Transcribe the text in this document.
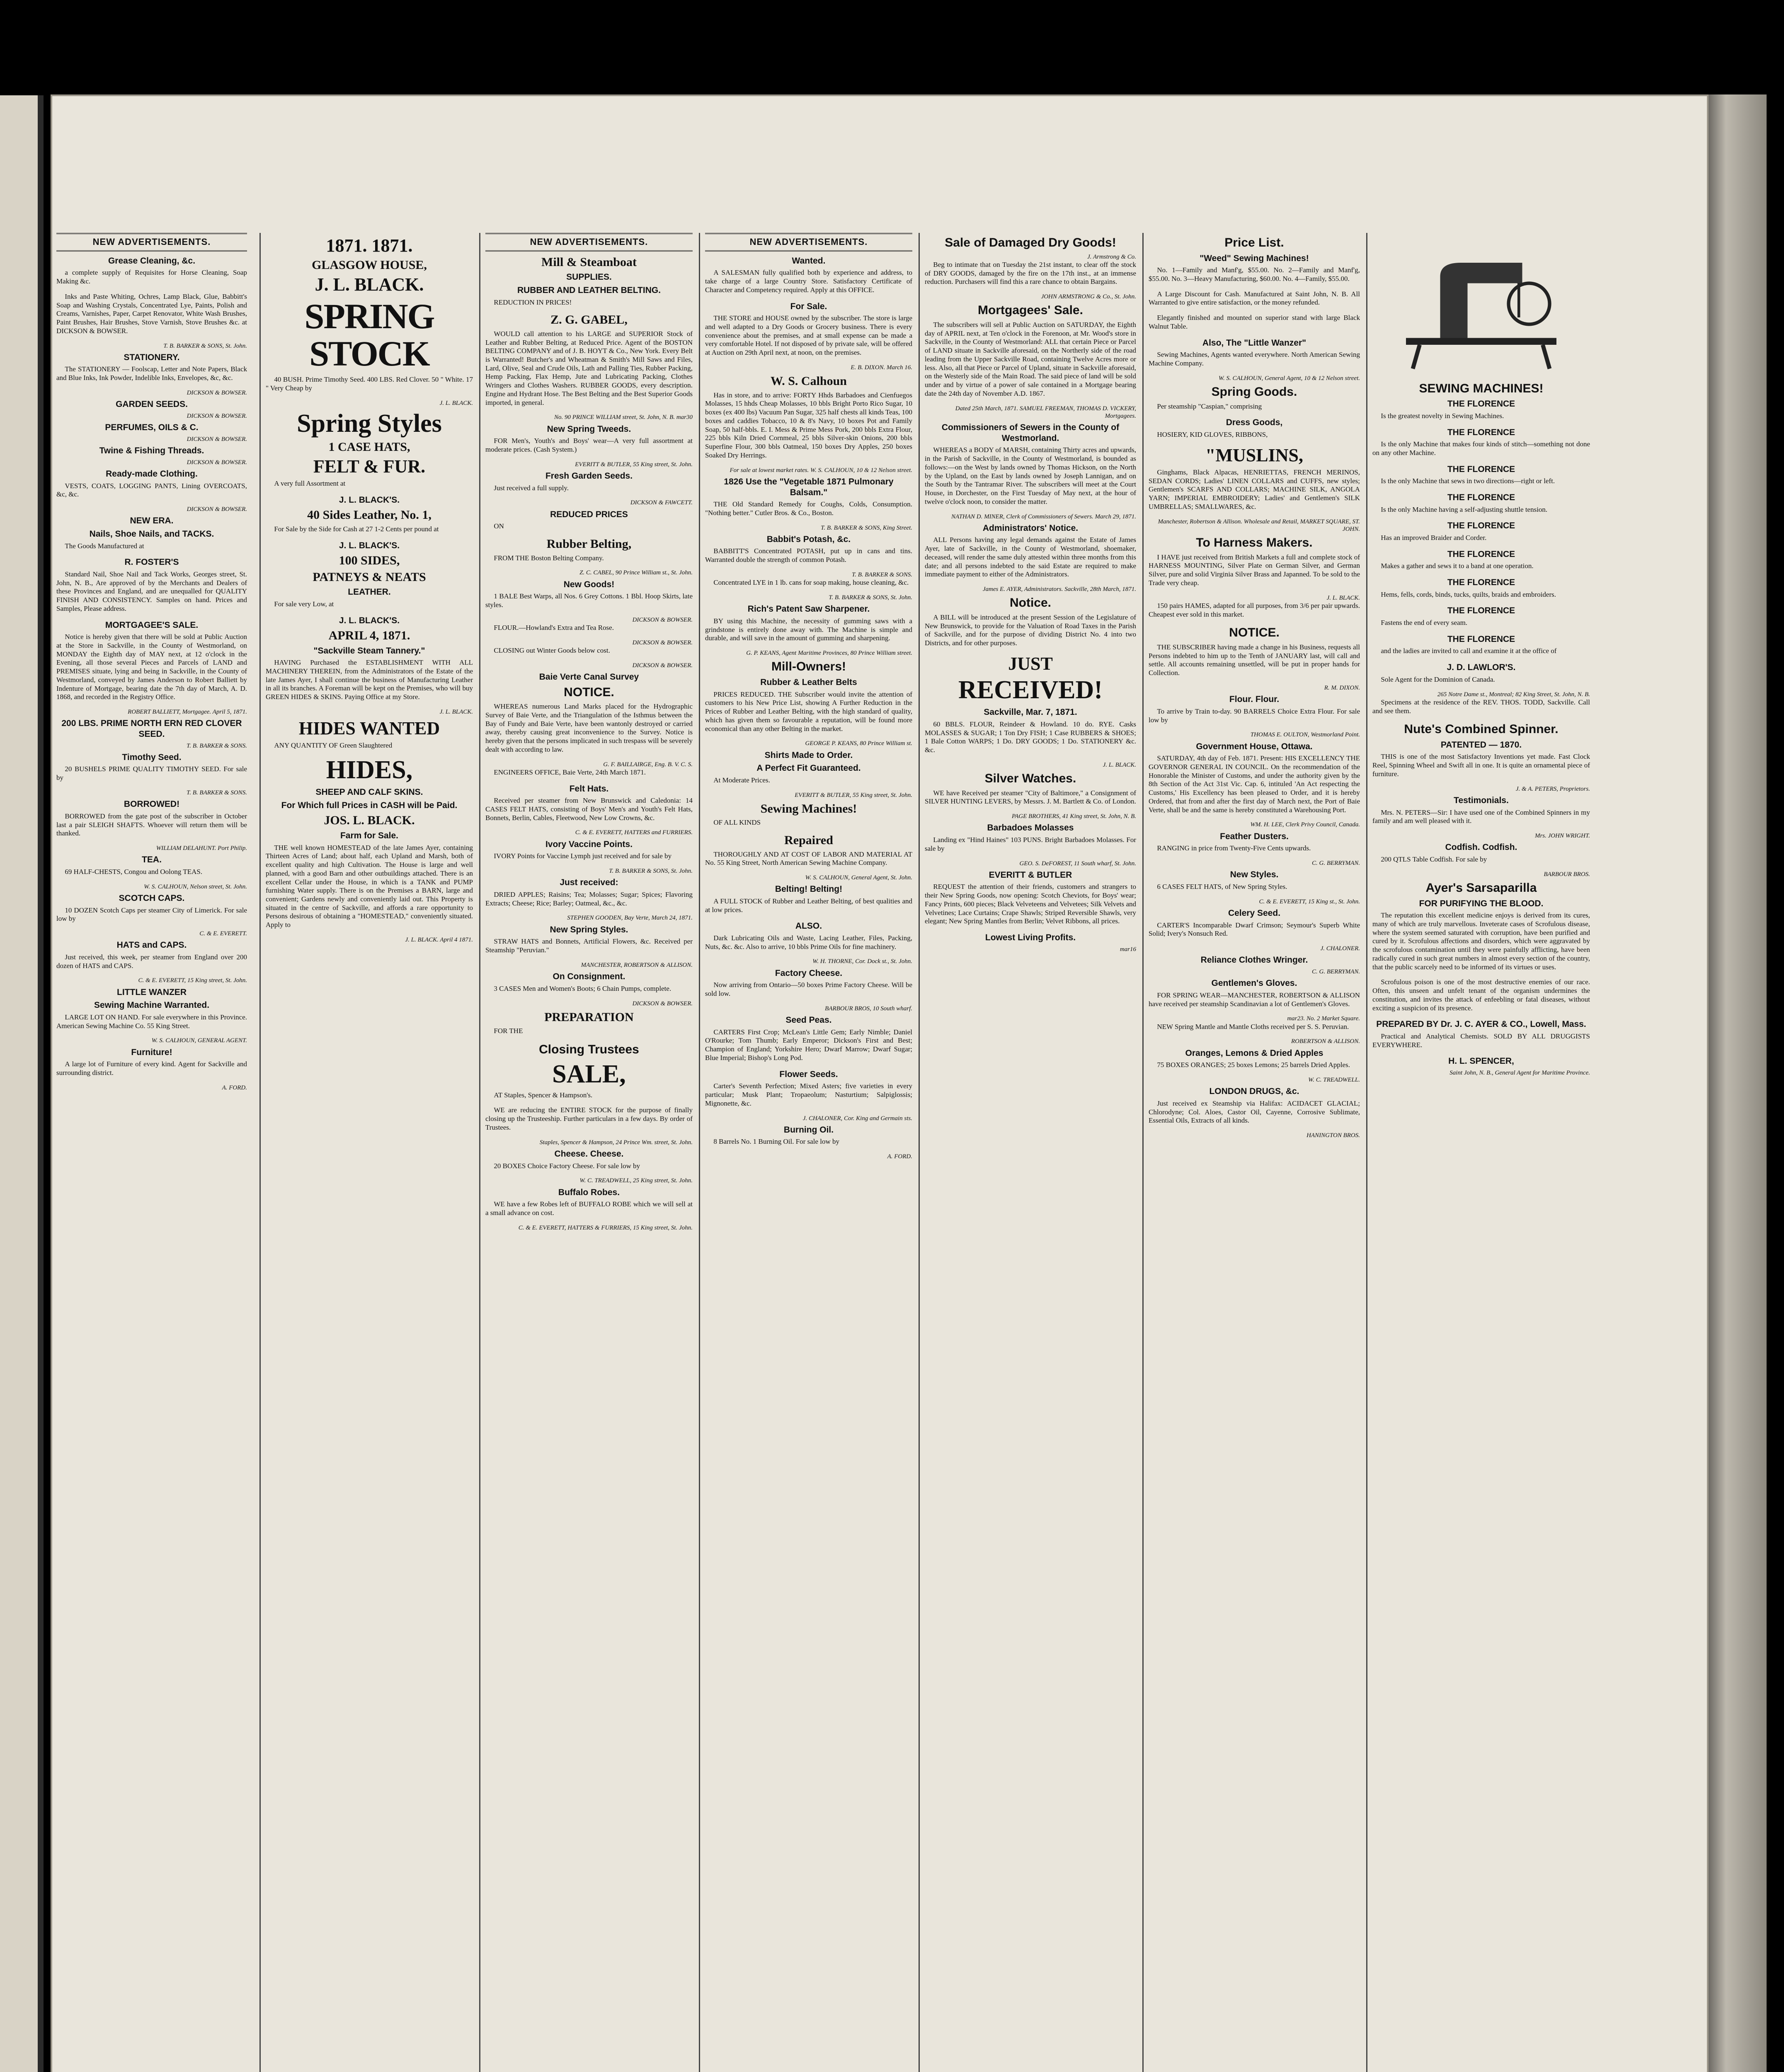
NEW ADVERTISEMENTS.
Grease Cleaning, &c.

a complete supply of Requisites for Horse Cleaning, Soap Making &c.

Inks and Paste Whiting, Ochres, Lamp Black, Glue, Babbitt's Soap and Washing Crystals, Concentrated Lye, Paints, Polish and Creams, Varnishes, Paper, Carpet Renovator, White Wash Brushes, Paint Brushes, Hair Brushes, Stove Varnish, Stove Brushes &c. at DICKSON & BOWSER.

T. B. BARKER & SONS, St. John.
STATIONERY.

The STATIONERY — Foolscap, Letter and Note Papers, Black and Blue Inks, Ink Powder, Indelible Inks, Envelopes, &c, &c.

DICKSON & BOWSER.
GARDEN SEEDS.
DICKSON & BOWSER.
PERFUMES, OILS & C.
DICKSON & BOWSER.
Twine & Fishing Threads.
DICKSON & BOWSER.
Ready-made Clothing.

VESTS, COATS, LOGGING PANTS, Lining OVERCOATS, &c, &c.

DICKSON & BOWSER.
NEW ERA.
Nails, Shoe Nails, and TACKS.

The Goods Manufactured at

R. FOSTER'S

Standard Nail, Shoe Nail and Tack Works, Georges street, St. John, N. B., Are approved of by the Merchants and Dealers of these Provinces and England, and are unequalled for QUALITY FINISH AND CONSISTENCY. Samples on hand. Prices and Samples, Please address.

MORTGAGEE'S SALE.

Notice is hereby given that there will be sold at Public Auction at the Store in Sackville, in the County of Westmorland, on MONDAY the Eighth day of MAY next, at 12 o'clock in the Evening, all those several Pieces and Parcels of LAND and PREMISES situate, lying and being in Sackville, in the County of Westmorland, conveyed by James Anderson to Robert Balliett by Indenture of Mortgage, bearing date the 7th day of March, A. D. 1868, and recorded in the Registry Office.

ROBERT BALLIETT, Mortgagee. April 5, 1871.
200 LBS. PRIME NORTH ERN RED CLOVER SEED.
T. B. BARKER & SONS.
Timothy Seed.

20 BUSHELS PRIME QUALITY TIMOTHY SEED. For sale by

T. B. BARKER & SONS.
BORROWED!

BORROWED from the gate post of the subscriber in October last a pair SLEIGH SHAFTS. Whoever will return them will be thanked.

WILLIAM DELAHUNT. Port Philip.
TEA.

69 HALF-CHESTS, Congou and Oolong TEAS.

W. S. CALHOUN, Nelson street, St. John.
SCOTCH CAPS.

10 DOZEN Scotch Caps per steamer City of Limerick. For sale low by

C. & E. EVERETT.
HATS and CAPS.

Just received, this week, per steamer from England over 200 dozen of HATS and CAPS.

C. & E. EVERETT, 15 King street, St. John.
LITTLE WANZER
Sewing Machine Warranted.

LARGE LOT ON HAND. For sale everywhere in this Province. American Sewing Machine Co. 55 King Street.

W. S. CALHOUN, GENERAL AGENT.
Furniture!

A large lot of Furniture of every kind. Agent for Sackville and surrounding district.

A. FORD.
1871. 1871.
GLASGOW HOUSE,
J. L. BLACK.
SPRING STOCK

40 BUSH. Prime Timothy Seed. 400 LBS. Red Clover. 50 " White. 17 " Very Cheap by

J. L. BLACK.
Spring Styles
1 CASE HATS,
FELT & FUR.

A very full Assortment at

J. L. BLACK'S.
40 Sides Leather, No. 1,

For Sale by the Side for Cash at 27 1-2 Cents per pound at

J. L. BLACK'S.
100 SIDES,
PATNEYS & NEATS
LEATHER.

For sale very Low, at

J. L. BLACK'S.
APRIL 4, 1871.
"Sackville Steam Tannery."

HAVING Purchased the ESTABLISHMENT WITH ALL MACHINERY THEREIN, from the Administrators of the Estate of the late James Ayer, I shall continue the business of Manufacturing Leather in all its branches. A Foreman will be kept on the Premises, who will buy GREEN HIDES & SKINS. Paying Office at my Store.

J. L. BLACK.
HIDES WANTED

ANY QUANTITY OF Green Slaughtered

HIDES,
SHEEP AND CALF SKINS.
For Which full Prices in CASH will be Paid.
JOS. L. BLACK.
Farm for Sale.

THE well known HOMESTEAD of the late James Ayer, containing Thirteen Acres of Land; about half, each Upland and Marsh, both of excellent quality and high Cultivation. The House is large and well planned, with a good Barn and other outbuildings attached. There is an excellent Cellar under the House, in which is a TANK and PUMP furnishing Water supply. There is on the Premises a BARN, large and convenient; Gardens newly and conveniently laid out. This Property is situated in the centre of Sackville, and affords a rare opportunity to Persons desirous of obtaining a "HOMESTEAD," conveniently situated. Apply to

J. L. BLACK. April 4 1871.
NEW ADVERTISEMENTS.
Mill & Steamboat
SUPPLIES.
RUBBER AND LEATHER BELTING.

REDUCTION IN PRICES!

Z. G. GABEL,

WOULD call attention to his LARGE and SUPERIOR Stock of Leather and Rubber Belting, at Reduced Price. Agent of the BOSTON BELTING COMPANY and of J. B. HOYT & Co., New York. Every Belt is Warranted! Butcher's and Wheatman & Smith's Mill Saws and Files, Lard, Olive, Seal and Crude Oils, Lath and Palling Ties, Rubber Packing, Hemp Packing, Flax Hemp, Jute and Lubricating Packing, Clothes Wringers and Clothes Washers. RUBBER GOODS, every description. Engine and Hydrant Hose. The Best Belting and the Best Superior Goods imported, in general.

No. 90 PRINCE WILLIAM street, St. John, N. B. mar30
New Spring Tweeds.

FOR Men's, Youth's and Boys' wear—A very full assortment at moderate prices. (Cash System.)

EVERITT & BUTLER, 55 King street, St. John.
Fresh Garden Seeds.

Just received a full supply.

DICKSON & FAWCETT.
REDUCED PRICES

ON

Rubber Belting,

FROM THE Boston Belting Company.

Z. C. CABEL, 90 Prince William st., St. John.
New Goods!

1 BALE Best Warps, all Nos. 6 Grey Cottons. 1 Bbl. Hoop Skirts, late styles.

DICKSON & BOWSER.

FLOUR.—Howland's Extra and Tea Rose.

DICKSON & BOWSER.

CLOSING out Winter Goods below cost.

DICKSON & BOWSER.
Baie Verte Canal Survey
NOTICE.

WHEREAS numerous Land Marks placed for the Hydrographic Survey of Baie Verte, and the Triangulation of the Isthmus between the Bay of Fundy and Baie Verte, have been wantonly destroyed or carried away, thereby causing great inconvenience to the Survey. Notice is hereby given that the persons implicated in such trespass will be severely dealt with according to law.

G. F. BAILLAIRGE, Eng. B. V. C. S.

ENGINEERS OFFICE, Baie Verte, 24th March 1871.

Felt Hats.

Received per steamer from New Brunswick and Caledonia: 14 CASES FELT HATS, consisting of Boys' Men's and Youth's Felt Hats, Bonnets, Berlin, Cables, Fleetwood, New Low Crowns, &c.

C. & E. EVERETT, HATTERS and FURRIERS.
Ivory Vaccine Points.

IVORY Points for Vaccine Lymph just received and for sale by

T. B. BARKER & SONS, St. John.
Just received:

DRIED APPLES; Raisins; Tea; Molasses; Sugar; Spices; Flavoring Extracts; Cheese; Rice; Barley; Oatmeal, &c., &c.

STEPHEN GOODEN, Bay Verte, March 24, 1871.
New Spring Styles.

STRAW HATS and Bonnets, Artificial Flowers, &c. Received per Steamship "Peruvian."

MANCHESTER, ROBERTSON & ALLISON.
On Consignment.

3 CASES Men and Women's Boots; 6 Chain Pumps, complete.

DICKSON & BOWSER.
PREPARATION

FOR THE

Closing Trustees
SALE,

AT Staples, Spencer & Hampson's.

WE are reducing the ENTIRE STOCK for the purpose of finally closing up the Trusteeship. Further particulars in a few days. By order of Trustees.

Staples, Spencer & Hampson, 24 Prince Wm. street, St. John.
Cheese. Cheese.

20 BOXES Choice Factory Cheese. For sale low by

W. C. TREADWELL, 25 King street, St. John.
Buffalo Robes.

WE have a few Robes left of BUFFALO ROBE which we will sell at a small advance on cost.

C. & E. EVERETT, HATTERS & FURRIERS, 15 King street, St. John.
NEW ADVERTISEMENTS.
Wanted.

A SALESMAN fully qualified both by experience and address, to take charge of a large Country Store. Satisfactory Certificate of Character and Competency required. Apply at this OFFICE.

For Sale.

THE STORE and HOUSE owned by the subscriber. The store is large and well adapted to a Dry Goods or Grocery business. There is every convenience about the premises, and at small expense can be made a very comfortable Hotel. If not disposed of by private sale, will be offered at Auction on 29th April next, at noon, on the premises.

E. B. DIXON. March 16.
W. S. Calhoun

Has in store, and to arrive: FORTY Hhds Barbadoes and Cienfuegos Molasses, 15 hhds Cheap Molasses, 10 bbls Bright Porto Rico Sugar, 10 boxes (ex 400 lbs) Vacuum Pan Sugar, 325 half chests all kinds Teas, 100 boxes and caddies Tobacco, 10 & 8's Navy, 10 boxes Pot and Family Soap, 50 half-bbls. E. I. Mess & Prime Mess Pork, 200 bbls Extra Flour, 225 bbls Kiln Dried Cornmeal, 25 bbls Silver-skin Onions, 200 bbls Superfine Flour, 300 bbls Oatmeal, 150 boxes Dry Apples, 250 boxes Soaked Dry Herrings.

For sale at lowest market rates. W. S. CALHOUN, 10 & 12 Nelson street.
1826 Use the "Vegetable 1871 Pulmonary Balsam."

THE Old Standard Remedy for Coughs, Colds, Consumption. "Nothing better." Cutler Bros. & Co., Boston.

T. B. BARKER & SONS, King Street.
Babbit's Potash, &c.

BABBITT'S Concentrated POTASH, put up in cans and tins. Warranted double the strength of common Potash.

T. B. BARKER & SONS.

Concentrated LYE in 1 lb. cans for soap making, house cleaning, &c.

T. B. BARKER & SONS, St. John.
Rich's Patent Saw Sharpener.

BY using this Machine, the necessity of gumming saws with a grindstone is entirely done away with. The Machine is simple and durable, and will save in the amount of gumming and sharpening.

G. P. KEANS, Agent Maritime Provinces, 80 Prince William street.
Mill-Owners!
Rubber & Leather Belts

PRICES REDUCED. THE Subscriber would invite the attention of customers to his New Price List, showing A Further Reduction in the Prices of Rubber and Leather Belting, with the high standard of quality, which has given them so favourable a reputation, will be found more economical than any other Belting in the market.

GEORGE P. KEANS, 80 Prince William st.
Shirts Made to Order.
A Perfect Fit Guaranteed.

At Moderate Prices.

EVERITT & BUTLER, 55 King street, St. John.
Sewing Machines!

OF ALL KINDS

Repaired

THOROUGHLY AND AT COST OF LABOR AND MATERIAL AT No. 55 King Street, North American Sewing Machine Company.

W. S. CALHOUN, General Agent, St. John.
Belting! Belting!

A FULL STOCK of Rubber and Leather Belting, of best qualities and at low prices.

ALSO.

Dark Lubricating Oils and Waste, Lacing Leather, Files, Packing, Nuts, &c. &c. Also to arrive, 10 bbls Prime Oils for fine machinery.

W. H. THORNE, Cor. Dock st., St. John.
Factory Cheese.

Now arriving from Ontario—50 boxes Prime Factory Cheese. Will be sold low.

BARBOUR BROS, 10 South wharf.
Seed Peas.

CARTERS First Crop; McLean's Little Gem; Early Nimble; Daniel O'Rourke; Tom Thumb; Early Emperor; Dickson's First and Best; Champion of England; Yorkshire Hero; Dwarf Marrow; Dwarf Sugar; Blue Imperial; Bishop's Long Pod.

Flower Seeds.

Carter's Seventh Perfection; Mixed Asters; five varieties in every particular; Musk Plant; Tropaeolum; Nasturtium; Salpiglossis; Mignonette, &c.

J. CHALONER, Cor. King and Germain sts.
Burning Oil.

8 Barrels No. 1 Burning Oil. For sale low by

A. FORD.
Sale of Damaged Dry Goods!
J. Armstrong & Co.

Beg to intimate that on Tuesday the 21st instant, to clear off the stock of DRY GOODS, damaged by the fire on the 17th inst., at an immense reduction. Purchasers will find this a rare chance to obtain Bargains.

JOHN ARMSTRONG & Co., St. John.
Mortgagees' Sale.

The subscribers will sell at Public Auction on SATURDAY, the Eighth day of APRIL next, at Ten o'clock in the Forenoon, at Mr. Wood's store in Sackville, in the County of Westmorland: ALL that certain Piece or Parcel of LAND situate in Sackville aforesaid, on the Northerly side of the road leading from the Upper Sackville Road, containing Twelve Acres more or less. Also, all that Piece or Parcel of Upland, situate in Sackville aforesaid, on the Westerly side of the Main Road. The said piece of land will be sold under and by virtue of a power of sale contained in a Mortgage bearing date the 24th day of November A.D. 1867.

Dated 25th March, 1871. SAMUEL FREEMAN, THOMAS D. VICKERY, Mortgagees.
Commissioners of Sewers in the County of Westmorland.

WHEREAS a BODY of MARSH, containing Thirty acres and upwards, in the Parish of Sackville, in the County of Westmorland, is bounded as follows:—on the West by lands owned by Thomas Hickson, on the North by the Upland, on the East by lands owned by Joseph Lannigan, and on the South by the Tantramar River. The subscribers will meet at the Court House, in Dorchester, on the First Tuesday of May next, at the hour of twelve o'clock noon, to consider the matter.

NATHAN D. MINER, Clerk of Commissioners of Sewers. March 29, 1871.
Administrators' Notice.

ALL Persons having any legal demands against the Estate of James Ayer, late of Sackville, in the County of Westmorland, shoemaker, deceased, will render the same duly attested within three months from this date; and all persons indebted to the said Estate are required to make immediate payment to either of the Administrators.

James E. AYER, Administrators. Sackville, 28th March, 1871.
Notice.

A BILL will be introduced at the present Session of the Legislature of New Brunswick, to provide for the Valuation of Road Taxes in the Parish of Sackville, and for the purpose of dividing District No. 4 into two Districts, and for other purposes.

JUST
RECEIVED!
Sackville, Mar. 7, 1871.

60 BBLS. FLOUR, Reindeer & Howland. 10 do. RYE. Casks MOLASSES & SUGAR; 1 Ton Dry FISH; 1 Case RUBBERS & SHOES; 1 Bale Cotton WARPS; 1 Do. DRY GOODS; 1 Do. STATIONERY &c. &c.

J. L. BLACK.
Silver Watches.

WE have Received per steamer "City of Baltimore," a Consignment of SILVER HUNTING LEVERS, by Messrs. J. M. Bartlett & Co. of London.

PAGE BROTHERS, 41 King street, St. John, N. B.
Barbadoes Molasses

Landing ex "Hind Haines" 103 PUNS. Bright Barbadoes Molasses. For sale by

GEO. S. DeFOREST, 11 South wharf, St. John.
EVERITT & BUTLER

REQUEST the attention of their friends, customers and strangers to their New Spring Goods, now opening: Scotch Cheviots, for Boys' wear; Fancy Prints, 600 pieces; Black Velveteens and Velvetees; Silk Velvets and Velvetines; Lace Curtains; Crape Shawls; Striped Reversible Shawls, very elegant; New Spring Mantles from Berlin; Velvet Ribbons, all prices.

Lowest Living Profits.
mar16
Price List.
"Weed" Sewing Machines!

No. 1—Family and Manf'g, $55.00. No. 2—Family and Manf'g, $55.00. No. 3—Heavy Manufacturing, $60.00. No. 4—Family, $55.00.

A Large Discount for Cash. Manufactured at Saint John, N. B. All Warranted to give entire satisfaction, or the money refunded.

Elegantly finished and mounted on superior stand with large Black Walnut Table.

Also, The "Little Wanzer"

Sewing Machines, Agents wanted everywhere. North American Sewing Machine Company.

W. S. CALHOUN, General Agent, 10 & 12 Nelson street.
Spring Goods.

Per steamship "Caspian," comprising

Dress Goods,

HOSIERY, KID GLOVES, RIBBONS,

"MUSLINS,

Ginghams, Black Alpacas, HENRIETTAS, FRENCH MERINOS, SEDAN CORDS; Ladies' LINEN COLLARS and CUFFS, new styles; Gentlemen's SCARFS AND COLLARS; MACHINE SILK, ANGOLA YARN; IMPERIAL EMBROIDERY; Ladies' and Gentlemen's SILK UMBRELLAS; SMALLWARES, &c.

Manchester, Robertson & Allison. Wholesale and Retail, MARKET SQUARE, ST. JOHN.
To Harness Makers.

I HAVE just received from British Markets a full and complete stock of HARNESS MOUNTING, Silver Plate on German Silver, and German Silver, pure and solid Virginia Silver Brass and Japanned. To be sold to the Trade very cheap.

J. L. BLACK.

150 pairs HAMES, adapted for all purposes, from 3/6 per pair upwards. Cheapest ever sold in this market.

NOTICE.

THE SUBSCRIBER having made a change in his Business, requests all Persons indebted to him up to the Tenth of JANUARY last, will call and settle. All accounts remaining unsettled, will be put in proper hands for Collection.

R. M. DIXON.
Flour. Flour.

To arrive by Train to-day. 90 BARRELS Choice Extra Flour. For sale low by

THOMAS E. OULTON, Westmorland Point.
Government House, Ottawa.

SATURDAY, 4th day of Feb. 1871. Present: HIS EXCELLENCY THE GOVERNOR GENERAL IN COUNCIL. On the recommendation of the Honorable the Minister of Customs, and under the authority given by the 8th Section of the Act 31st Vic. Cap. 6, intituled 'An Act respecting the Customs,' His Excellency has been pleased to Order, and it is hereby Ordered, that from and after the first day of March next, the Port of Baie Verte, shall be and the same is hereby constituted a Warehousing Port.

WM. H. LEE, Clerk Privy Council, Canada.
Feather Dusters.

RANGING in price from Twenty-Five Cents upwards.

C. G. BERRYMAN.
New Styles.

6 CASES FELT HATS, of New Spring Styles.

C. & E. EVERETT, 15 King st., St. John.
Celery Seed.

CARTER'S Incomparable Dwarf Crimson; Seymour's Superb White Solid; Ivery's Nonsuch Red.

J. CHALONER.
Reliance Clothes Wringer.
C. G. BERRYMAN.
Gentlemen's Gloves.

FOR SPRING WEAR—MANCHESTER, ROBERTSON & ALLISON have received per steamship Scandinavian a lot of Gentlemen's Gloves.

mar23. No. 2 Market Square.

NEW Spring Mantle and Mantle Cloths received per S. S. Peruvian.

ROBERTSON & ALLISON.
Oranges, Lemons & Dried Apples

75 BOXES ORANGES; 25 boxes Lemons; 25 barrels Dried Apples.

W. C. TREADWELL.
LONDON DRUGS, &c.

Just received ex Steamship via Halifax: ACIDACET GLACIAL; Chlorodyne; Col. Aloes, Castor Oil, Cayenne, Corrosive Sublimate, Essential Oils, Extracts of all kinds.

HANINGTON BROS.
SEWING MACHINES!
THE FLORENCE

Is the greatest novelty in Sewing Machines.

THE FLORENCE

Is the only Machine that makes four kinds of stitch—something not done on any other Machine.

THE FLORENCE

Is the only Machine that sews in two directions—right or left.

THE FLORENCE

Is the only Machine having a self-adjusting shuttle tension.

THE FLORENCE

Has an improved Braider and Corder.

THE FLORENCE

Makes a gather and sews it to a band at one operation.

THE FLORENCE

Hems, fells, cords, binds, tucks, quilts, braids and embroiders.

THE FLORENCE

Fastens the end of every seam.

THE FLORENCE

and the ladies are invited to call and examine it at the office of

J. D. LAWLOR'S.

Sole Agent for the Dominion of Canada.

265 Notre Dame st., Montreal; 82 King Street, St. John, N. B.

Specimens at the residence of the REV. THOS. TODD, Sackville. Call and see them.

Nute's Combined Spinner.
PATENTED — 1870.

THIS is one of the most Satisfactory Inventions yet made. Fast Clock Reel, Spinning Wheel and Swift all in one. It is quite an ornamental piece of furniture.

J. & A. PETERS, Proprietors.
Testimonials.

Mrs. N. PETERS—Sir: I have used one of the Combined Spinners in my family and am well pleased with it.

Mrs. JOHN WRIGHT.
Codfish. Codfish.

200 QTLS Table Codfish. For sale by

BARBOUR BROS.
Ayer's Sarsaparilla
FOR PURIFYING THE BLOOD.

The reputation this excellent medicine enjoys is derived from its cures, many of which are truly marvellous. Inveterate cases of Scrofulous disease, where the system seemed saturated with corruption, have been purified and cured by it. Scrofulous affections and disorders, which were aggravated by the scrofulous contamination until they were painfully afflicting, have been radically cured in such great numbers in almost every section of the country, that the public scarcely need to be informed of its virtues or uses.

Scrofulous poison is one of the most destructive enemies of our race. Often, this unseen and unfelt tenant of the organism undermines the constitution, and invites the attack of enfeebling or fatal diseases, without exciting a suspicion of its presence.

PREPARED BY Dr. J. C. AYER & CO., Lowell, Mass.

Practical and Analytical Chemists. SOLD BY ALL DRUGGISTS EVERYWHERE.

H. L. SPENCER,
Saint John, N. B., General Agent for Maritime Province.
